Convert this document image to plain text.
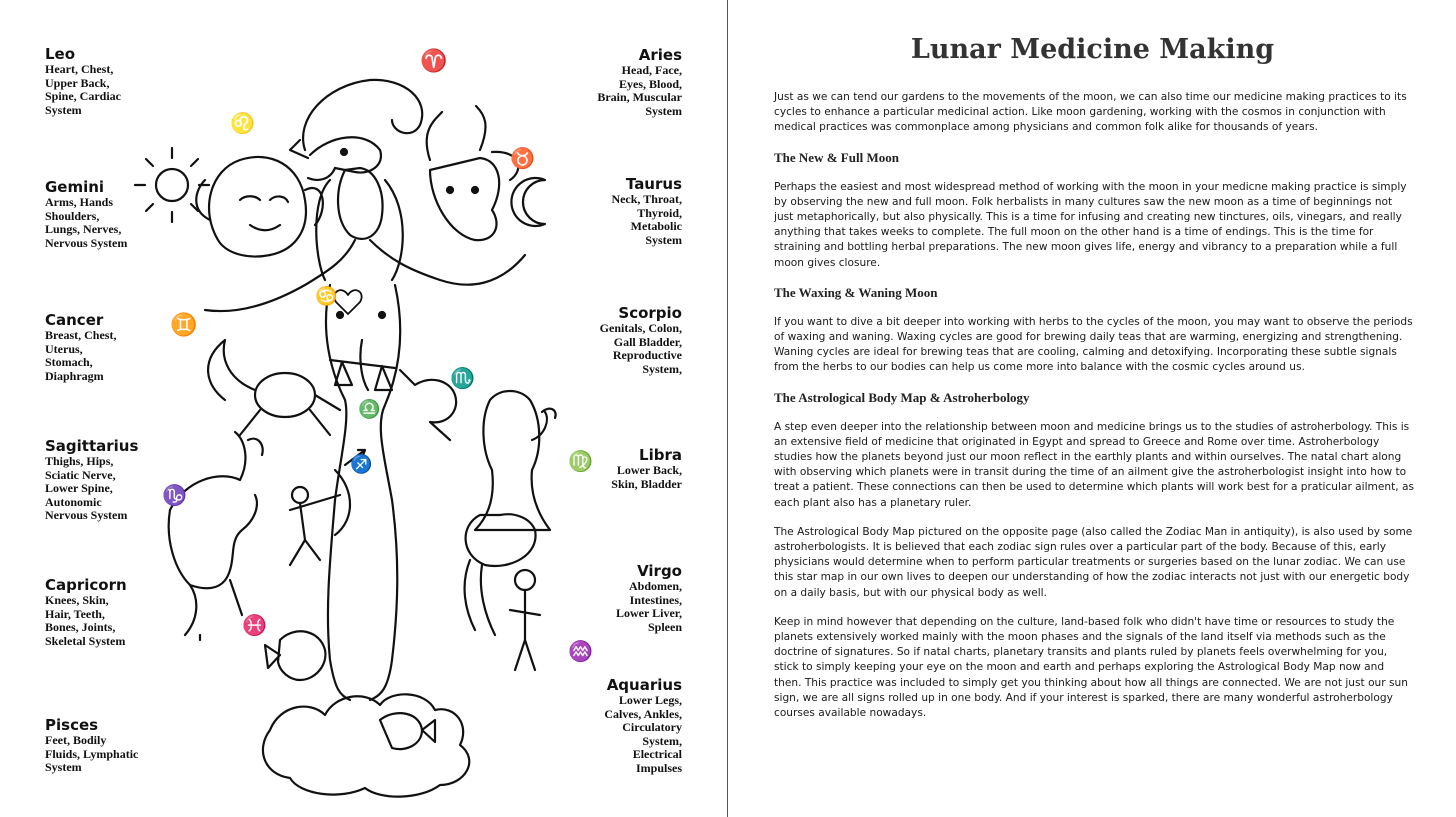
Leo
Heart, Chest,
Upper Back,
Spine, Cardiac
System
Gemini
Arms, Hands
Shoulders,
Lungs, Nerves,
Nervous System
Cancer
Breast, Chest,
Uterus,
Stomach,
Diaphragm
Sagittarius
Thighs, Hips,
Sciatic Nerve,
Lower Spine,
Autonomic
Nervous System
Capricorn
Knees, Skin,
Hair, Teeth,
Bones, Joints,
Skeletal System
Pisces
Feet, Bodily
Fluids, Lymphatic
System
Aries
Head, Face,
Eyes, Blood,
Brain, Muscular
System
Taurus
Neck, Throat,
Thyroid,
Metabolic
System
Scorpio
Genitals, Colon,
Gall Bladder,
Reproductive
System,
Libra
Lower Back,
Skin, Bladder
Virgo
Abdomen,
Intestines,
Lower Liver,
Spleen
Aquarius
Lower Legs,
Calves, Ankles,
Circulatory
System,
Electrical
Impulses
♈
♌
♉
♋
♊
♏
♎
♐
♑
♍
♓
♒
Lunar Medicine Making

Just as we can tend our gardens to the movements of the moon, we can also time our medicine making practices to its cycles to enhance a particular medicinal action. Like moon gardening, working with the cosmos in conjunction with medical practices was commonplace among physicians and common folk alike for thousands of years.

The New & Full Moon

Perhaps the easiest and most widespread method of working with the moon in your medicne making practice is simply by observing the new and full moon. Folk herbalists in many cultures saw the new moon as a time of beginnings not just metaphorically, but also physically. This is a time for infusing and creating new tinctures, oils, vinegars, and really anything that takes weeks to complete. The full moon on the other hand is a time of endings. This is the time for straining and bottling herbal preparations. The new moon gives life, energy and vibrancy to a preparation while a full moon gives closure.

The Waxing & Waning Moon

If you want to dive a bit deeper into working with herbs to the cycles of the moon, you may want to observe the periods of waxing and waning. Waxing cycles are good for brewing daily teas that are warming, energizing and strengthening. Waning cycles are ideal for brewing teas that are cooling, calming and detoxifying. Incorporating these subtle signals from the herbs to our bodies can help us come more into balance with the cosmic cycles around us.

The Astrological Body Map & Astroherbology

A step even deeper into the relationship between moon and medicine brings us to the studies of astroherbology. This is an extensive field of medicine that originated in Egypt and spread to Greece and Rome over time. Astroherbology studies how the planets beyond just our moon reflect in the earthly plants and within ourselves. The natal chart along with observing which planets were in transit during the time of an ailment give the astroherbologist insight into how to treat a patient. These connections can then be used to determine which plants will work best for a praticular ailment, as each plant also has a planetary ruler.

The Astrological Body Map pictured on the opposite page (also called the Zodiac Man in antiquity), is also used by some astroherbologists. It is believed that each zodiac sign rules over a particular part of the body. Because of this, early physicians would determine when to perform particular treatments or surgeries based on the lunar zodiac. We can use this star map in our own lives to deepen our understanding of how the zodiac interacts not just with our energetic body on a daily basis, but with our physical body as well.

Keep in mind however that depending on the culture, land-based folk who didn't have time or resources to study the planets extensively worked mainly with the moon phases and the signals of the land itself via methods such as the doctrine of signatures. So if natal charts, planetary transits and plants ruled by planets feels overwhelming for you, stick to simply keeping your eye on the moon and earth and perhaps exploring the Astrological Body Map now and then. This practice was included to simply get you thinking about how all things are connected. We are not just our sun sign, we are all signs rolled up in one body. And if your interest is sparked, there are many wonderful astroherbology courses available nowadays.
